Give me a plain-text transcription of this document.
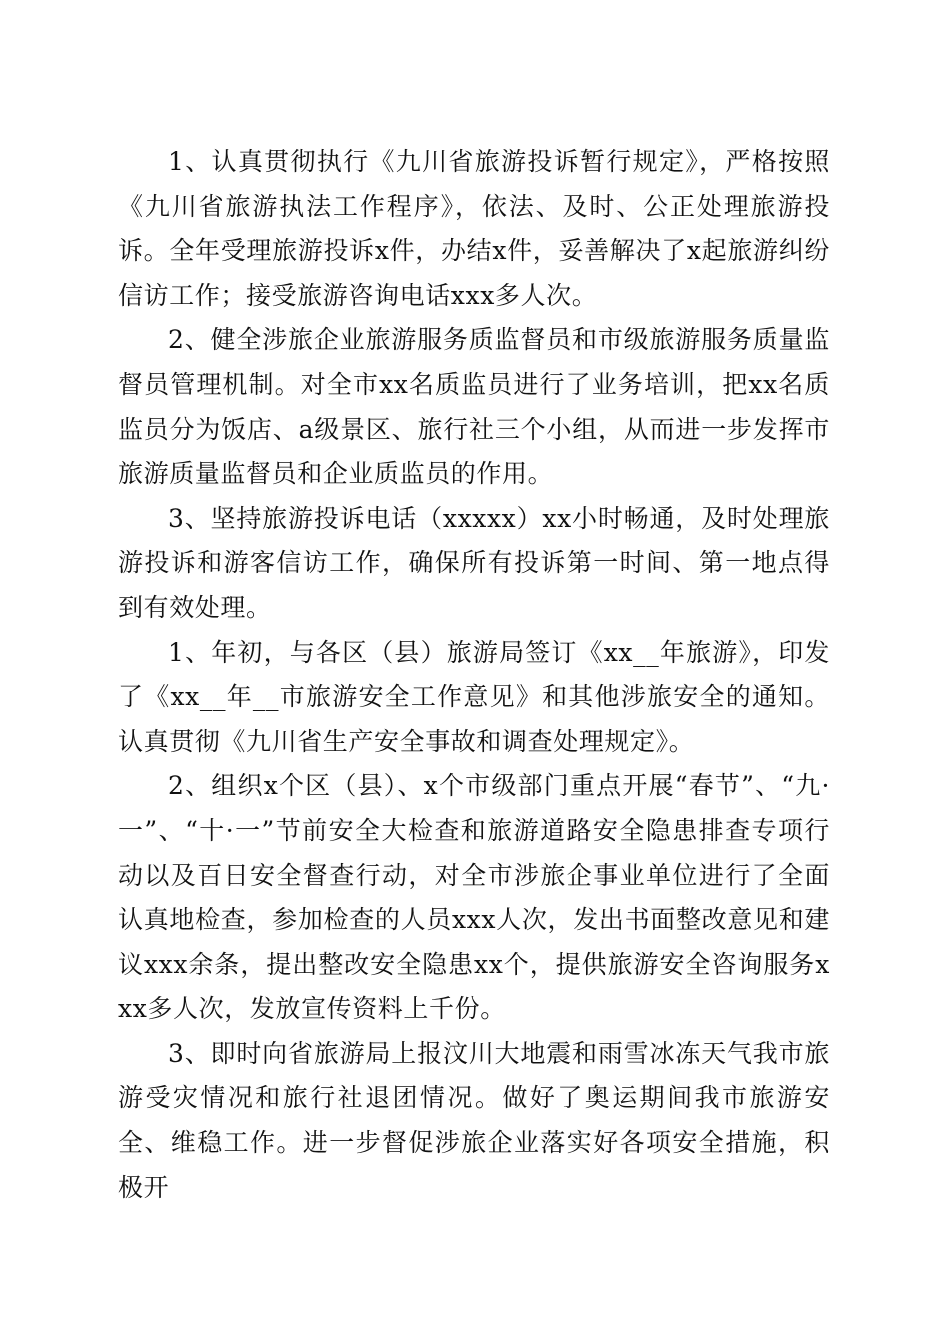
1、认真贯彻执行《九川省旅游投诉暂行规定》，严格按照《九川省旅游执法工作程序》，依法、及时、公正处理旅游投诉。全年受理旅游投诉x件，办结x件，妥善解决了x起旅游纠纷信访工作；接受旅游咨询电话xxx多人次。

2、健全涉旅企业旅游服务质监督员和市级旅游服务质量监督员管理机制。对全市xx名质监员进行了业务培训，把xx名质监员分为饭店、a级景区、旅行社三个小组，从而进一步发挥市旅游质量监督员和企业质监员的作用。

3、坚持旅游投诉电话（xxxxx）xx小时畅通，及时处理旅游投诉和游客信访工作，确保所有投诉第一时间、第一地点得到有效处理。

1、年初，与各区（县）旅游局签订《xx__年旅游》，印发了《xx__年__市旅游安全工作意见》和其他涉旅安全的通知。认真贯彻《九川省生产安全事故和调查处理规定》。

2、组织x个区（县）、x个市级部门重点开展“春节”、“九·一”、“十·一”节前安全大检查和旅游道路安全隐患排查专项行动以及百日安全督查行动，对全市涉旅企事业单位进行了全面认真地检查，参加检查的人员xxx人次，发出书面整改意见和建议xxx余条，提出整改安全隐患xx个，提供旅游安全咨询服务xxx多人次，发放宣传资料上千份。

3、即时向省旅游局上报汶川大地震和雨雪冰冻天气我市旅游受灾情况和旅行社退团情况。做好了奥运期间我市旅游安全、维稳工作。进一步督促涉旅企业落实好各项安全措施，积极开
